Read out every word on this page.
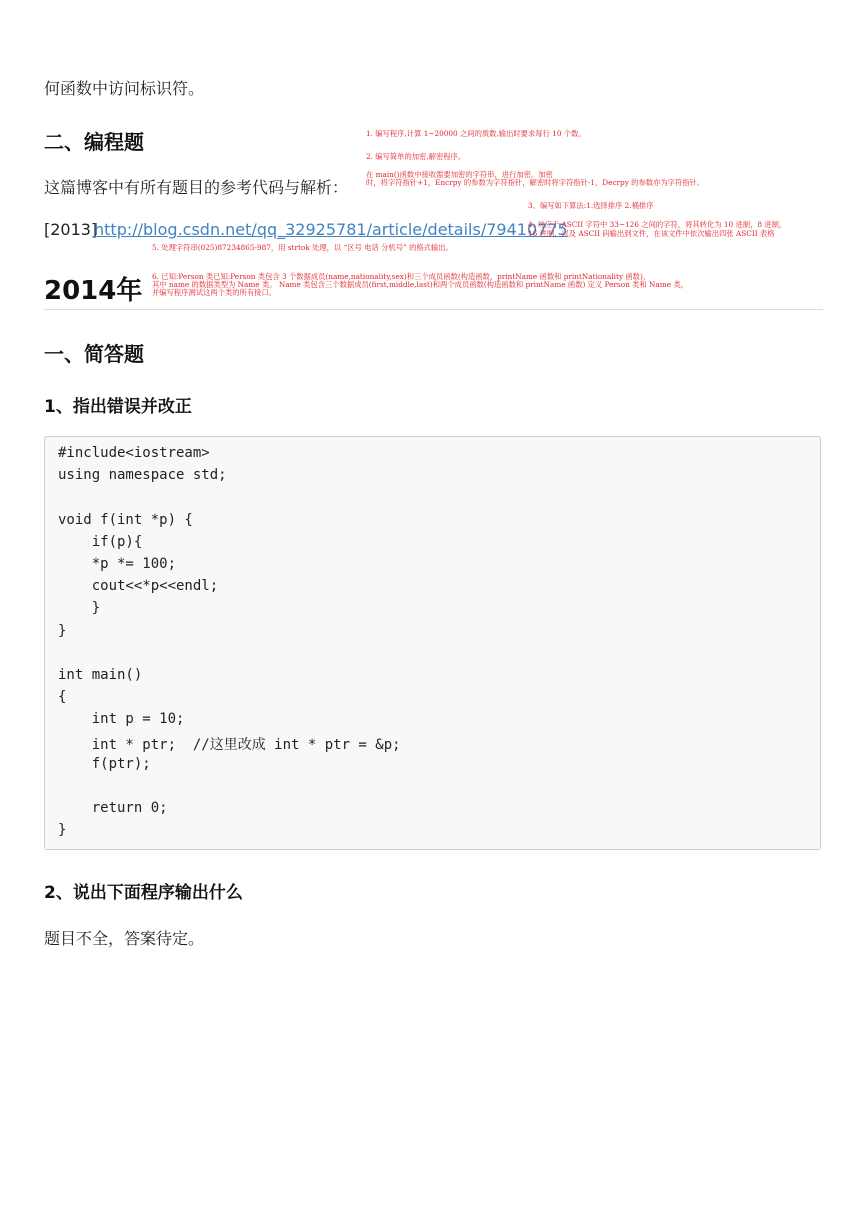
何函数中访问标识符。
二、编程题
这篇博客中有所有题目的参考代码与解析：
[2013]
http://blog.csdn.net/qq_32925781/article/details/79410775
2014年
一、简答题
1、指出错误并改正
#include<iostream>
using namespace std;
void f(int *p) {
if(p){
*p *= 100;
cout<<*p<<endl;
}
}
int main()
{
int p = 10;
int * ptr;  //这里改成 int * ptr = &p;
f(ptr);
return 0;
}
2、说出下面程序输出什么
题目不全，答案待定。
1. 编写程序,计算 1~20000 之间的质数,输出时要求每行 10 个数。
2. 编写简单的加密,解密程序。
在 main()函数中接收需要加密的字符串，进行加密。加密
时，将字符指针+1，Encrpy 的参数为字符指针，解密时将字符指针-1，Decrpy 的参数亦为字符指针。
3、编写如下算法:1.选择排序 2.桶排序
4. 对应于 ASCII 字符中 33~126 之间的字符，将其转化为 10 进制，8 进制，
16 进制，以及 ASCII 码输出到文件，在该文件中依次输出四张 ASCII 表格
5. 处理字符串(025)87234865-987，用 strtok 处理，以 “区号 电话 分机号” 的格式输出。
6. 已知:Person 类已知:Person 类包含 3 个数据成员(name,nationality,sex)和三个成员函数(构造函数，printName 函数和 printNationality 函数)，
其中 name 的数据类型为 Name 类。 Name 类包含三个数据成员(first,middle,last)和两个成员函数(构造函数和 printName 函数) 定义 Person 类和 Name 类，
并编写程序测试这两个类的所有接口。
